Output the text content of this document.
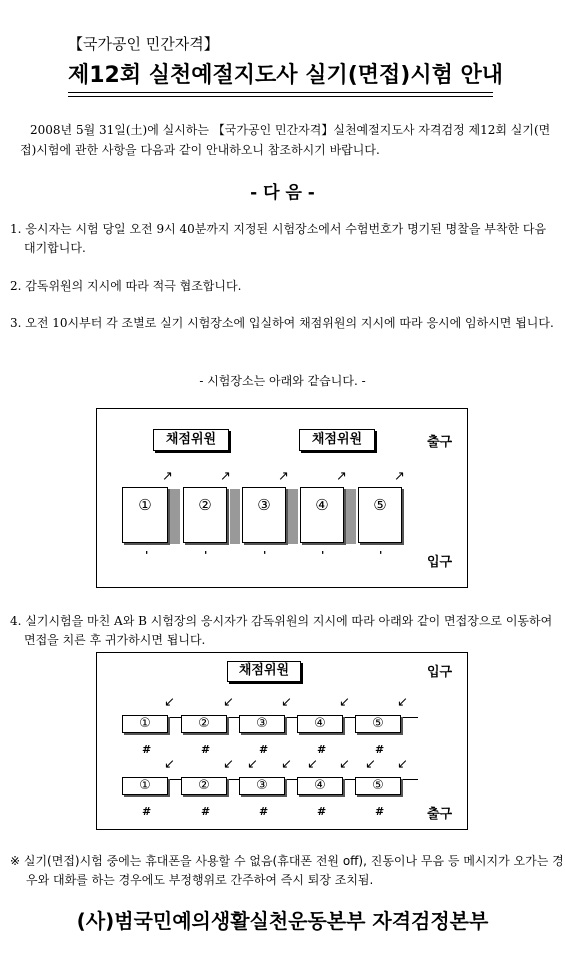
【국가공인 민간자격】
제12회 실천예절지도사 실기(면접)시험 안내
2008년 5월 31일(土)에 실시하는 【국가공인 민간자격】실천예절지도사 자격검정 제12회 실기(면접)시험에 관한 사항을 다음과 같이 안내하오니 참조하시기 바랍니다.
- 다 음 -
1. 응시자는 시험 당일 오전 9시 40분까지 지정된 시험장소에서 수험번호가 명기된 명찰을 부착한 다음 대기합니다.
2. 감독위원의 지시에 따라 적극 협조합니다.
3. 오전 10시부터 각 조별로 실기 시험장소에 입실하여 채점위원의 지시에 따라 응시에 임하시면 됩니다.
- 시험장소는 아래와 같습니다. -
채점위원	채점위원	출구
↗	↗	↗	↗	↗
①	②	③	④	⑤
'	'	'	'	'	입구
4. 실기시험을 마친 A와 B 시험장의 응시자가 감독위원의 지시에 따라 아래와 같이 면접장으로 이동하여 면접을 치른 후 귀가하시면 됩니다.
채점위원	입구
↙	↙	↙	↙	↙
①	②	③	④	⑤
#	#	#	#	#
↙	↙ ↙ ↙ ↙ ↙ ↙ ↙
①	②	③	④	⑤
#	#	#	#	#	출구
※ 실기(면접)시험 중에는 휴대폰을 사용할 수 없음(휴대폰 전원 off), 진동이나 무음 등 메시지가 오가는 경우와 대화를 하는 경우에도 부정행위로 간주하여 즉시 퇴장 조치됨.
(사)범국민예의생활실천운동본부 자격검정본부
